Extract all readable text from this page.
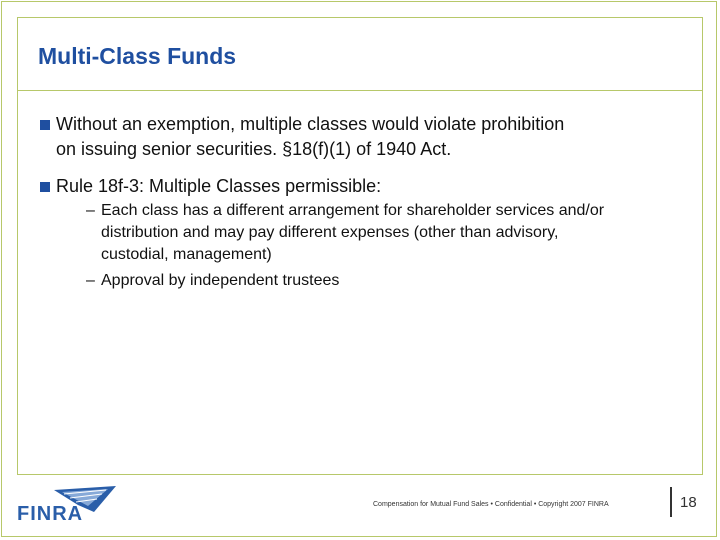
Multi-Class Funds
Without an exemption, multiple classes would violate prohibition
on issuing senior securities. §18(f)(1) of 1940 Act.
Rule 18f-3: Multiple Classes permissible:
– Each class has a different arrangement for shareholder services and/or
distribution and may pay different expenses (other than advisory,
custodial, management)
– Approval by independent trustees
FINRA	Compensation for Mutual Fund Sales • Confidential • Copyright 2007 FINRA	18
